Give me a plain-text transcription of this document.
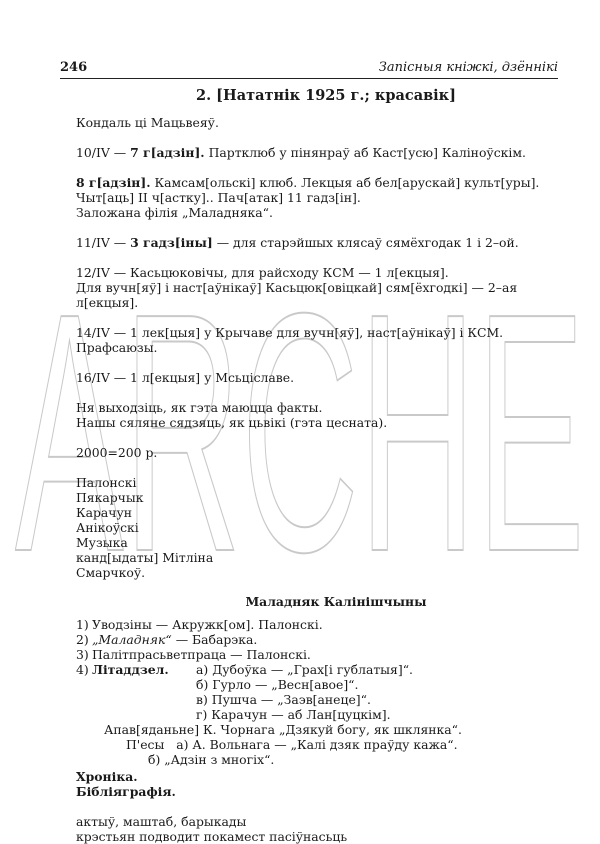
246	Запісныя кніжкі, дзённікі
ARCHE
2. [Нататнік 1925 г.; красавік]

Кондаль ці Мацьвеяў.

10/IV — 7 г[адзін]. Партклюб у пінянраў аб Каст[усю] Каліноўскім.

8 г[адзін]. Камсам[ольскі] клюб. Лекцыя аб бел[арускай] культ[уры]. Чыт[аць] II ч[астку].. Пач[атак] 11 гадз[ін].

Заложана філія „Маладняка“.

11/IV — 3 гадз[іны] — для старэйшых клясаў сямёхгодак 1 і 2–ой.

12/IV — Касьцюковічы, для райсходу КСМ — 1 л[екцыя].

Для вучн[яў] і наст[аўнікаў] Касьцюк[овіцкай] сям[ёхгодкі] — 2–ая л[екцыя].

14/IV — 1 лек[цыя] у Крычаве для вучн[яў], наст[аўнікаў] і КСМ.

Прафсаюзы.

16/IV — 1 л[екцыя] у Мсьціславе.

Ня выходзіць, як гэта маюцца факты.

Нашы сяляне сядзяць, як цьвікі (гэта цесната).

2000=200 р.

Палонскі

Пякарчык

Карачун

Анікоўскі

Музыка

канд[ыдаты] Мітліна

Смарчкоў.

Маладняк Калінішчыны
1) Уводзіны — Акружк[ом]. Палонскі.
2) „Маладняк“ — Бабарэка.
3) Палітпрасьветпраца — Палонскі.
4) Літаддзел. а) Дубоўка — „Грах[і гублатыя]“.
б) Гурло — „Весн[авое]“.
в) Пушча — „Заэв[анеце]“.
г) Карачун — аб Лан[цуцкім].

Апав[яданьне] К. Чорнага „Дзякуй богу, як шклянка“.

П'есы а) А. Вольнага — „Калі дзяк праўду кажа“.

б) „Адзін з многіх“.

Хроніка.

Бібліяграфія.

актыў, маштаб, барыкады

крэстьян подводит покамест пасіўнасьць
